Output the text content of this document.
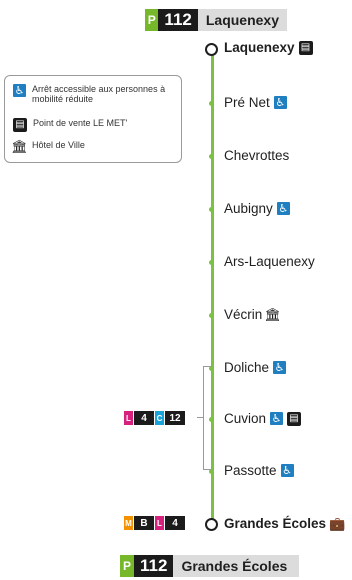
P 112	Laquenexy
Laquenexy ▤
Pré Net ♿
Chevrottes
Aubigny ♿
Ars-Laquenexy
Vécrin 🏛
Doliche ♿
Cuvion ♿ ▤
Passotte ♿
Grandes Écoles 💼
L	4	C 12
M B	L	4
♿ Arrêt accessible aux personnes à mobilité réduite
▤ Point de vente LE MET'
🏛 Hôtel de Ville
P 112	Grandes Écoles
